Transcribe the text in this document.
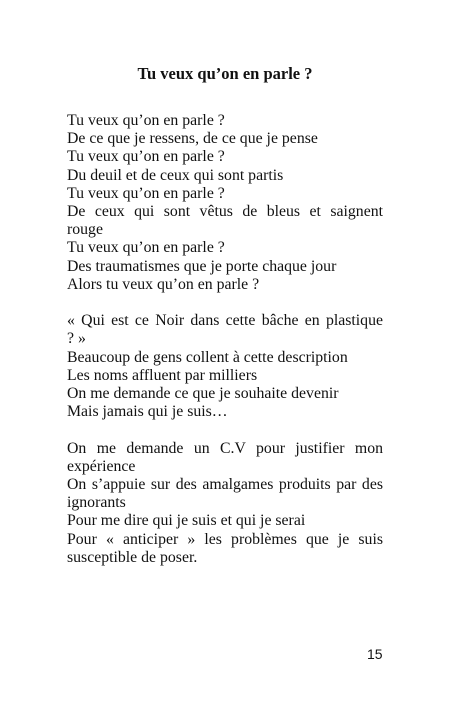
Tu veux qu’on en parle ?

Tu veux qu’on en parle ?
De ce que je ressens, de ce que je pense
Tu veux qu’on en parle ?
Du deuil et de ceux qui sont partis
Tu veux qu’on en parle ?
De ceux qui sont vêtus de bleus et saignent
rouge
Tu veux qu’on en parle ?
Des traumatismes que je porte chaque jour
Alors tu veux qu’on en parle ?

« Qui est ce Noir dans cette bâche en plastique
? »
Beaucoup de gens collent à cette description
Les noms affluent par milliers
On me demande ce que je souhaite devenir
Mais jamais qui je suis…

On me demande un C.V pour justifier mon
expérience
On s’appuie sur des amalgames produits par des
ignorants
Pour me dire qui je suis et qui je serai
Pour « anticiper » les problèmes que je suis
susceptible de poser.

15
